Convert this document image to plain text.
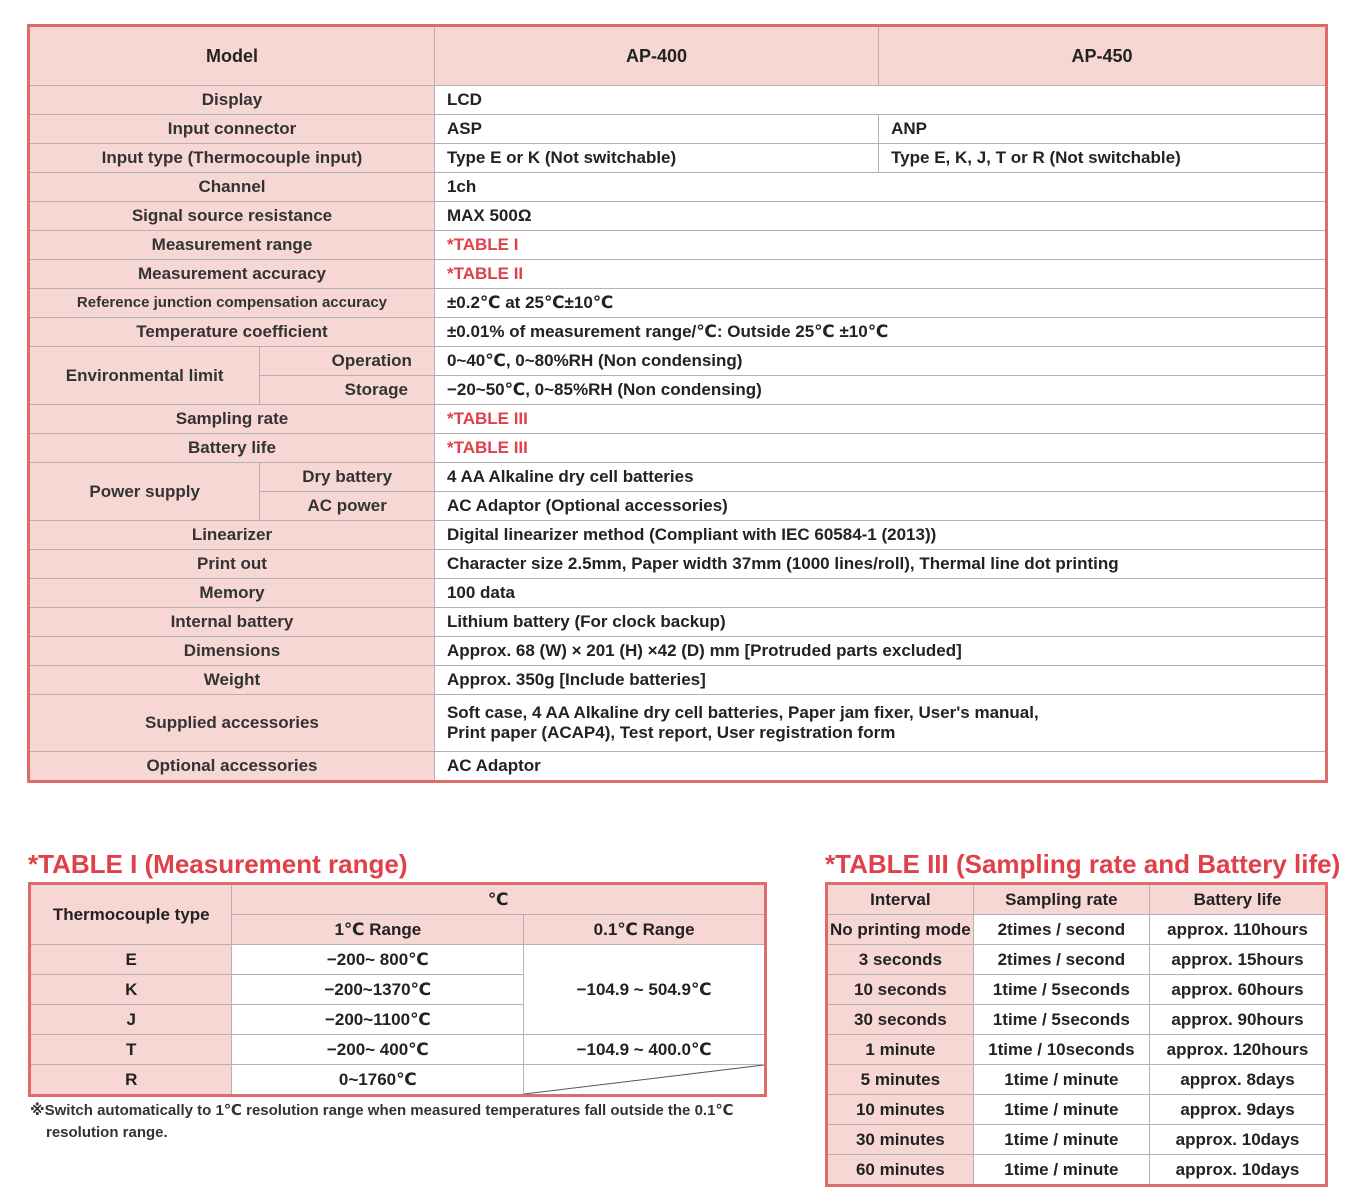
Model		AP-400	AP-450
Display		LCD	
Input connector		ASP	ANP
Input type (Thermocouple input)		Type E or K (Not switchable)	Type E, K, J, T or R (Not switchable)
Channel		1ch	
Signal source resistance		MAX 500Ω	
Measurement range		*TABLE I	
Measurement accuracy		*TABLE II	
Reference junction compensation accuracy		±0.2℃ at 25℃±10℃	
Temperature coefficient		±0.01% of measurement range/℃: Outside 25℃ ±10℃	
Environmental limit	Operation	0~40℃, 0~80%RH (Non condensing)	
	Storage	−20~50℃, 0~85%RH (Non condensing)	
Sampling rate		*TABLE III	
Battery life		*TABLE III	
Power supply	Dry battery	4 AA Alkaline dry cell batteries	
	AC power	AC Adaptor (Optional accessories)	
Linearizer		Digital linearizer method (Compliant with IEC 60584-1 (2013))	
Print out		Character size 2.5mm, Paper width 37mm (1000 lines/roll), Thermal line dot printing	
Memory		100 data	
Internal battery		Lithium battery (For clock backup)	
Dimensions		Approx. 68 (W) × 201 (H) ×42 (D) mm [Protruded parts excluded]	
Weight		Approx. 350g [Include batteries]	
Supplied accessories		Soft case, 4 AA Alkaline dry cell batteries, Paper jam fixer, User's manual,
Print paper (ACAP4), Test report, User registration form	

Optional accessories		AC Adaptor	
*TABLE I (Measurement range)
Thermocouple type	℃	
	1℃ Range	0.1℃ Range
E	−200~ 800℃	−104.9 ~ 504.9℃
K	−200~1370℃	
J	−200~1100℃	
T	−200~ 400℃	−104.9 ~ 400.0℃
R	0~1760℃	
※Switch automatically to 1℃ resolution range when measured temperatures fall outside the 0.1℃
resolution range.
*TABLE III (Sampling rate and Battery life)
Interval	Sampling rate	Battery life
No printing mode	2times / second	approx. 110hours
3 seconds	2times / second	approx. 15hours
10 seconds	1time / 5seconds	approx. 60hours
30 seconds	1time / 5seconds	approx. 90hours
1 minute	1time / 10seconds	approx. 120hours
5 minutes	1time / minute	approx. 8days
10 minutes	1time / minute	approx. 9days
30 minutes	1time / minute	approx. 10days
60 minutes	1time / minute	approx. 10days
